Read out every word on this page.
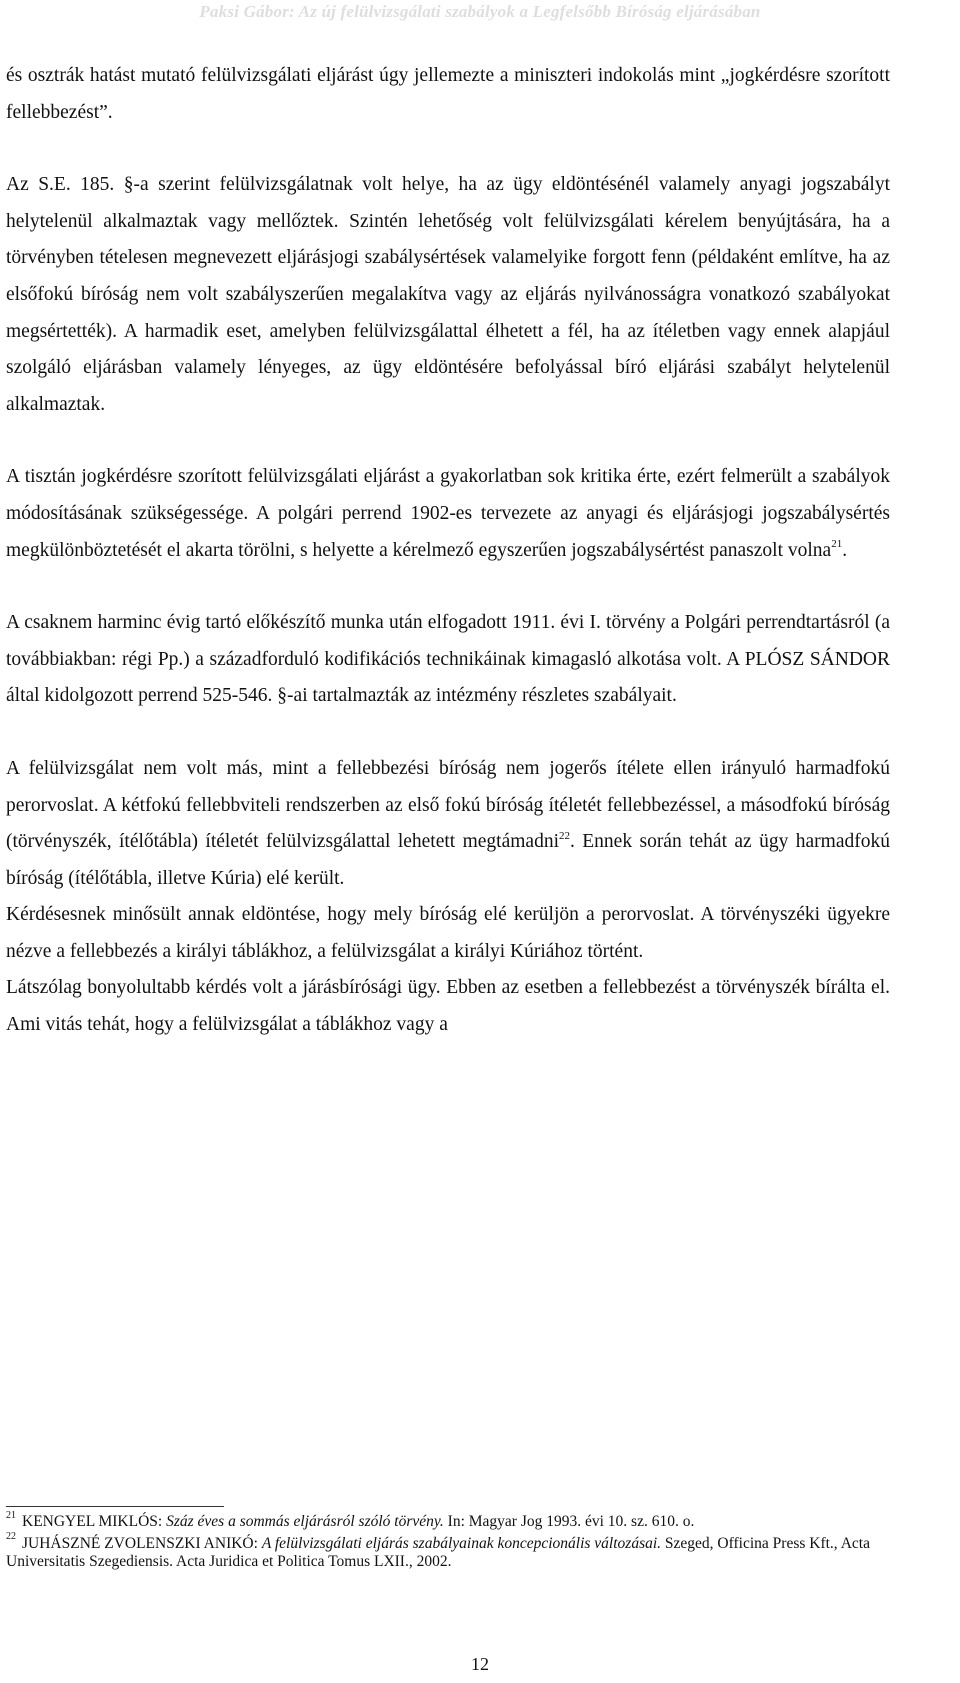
Paksi Gábor: Az új felülvizsgálati szabályok a Legfelsőbb Bíróság eljárásában

és osztrák hatást mutató felülvizsgálati eljárást úgy jellemezte a miniszteri indokolás mint „jogkérdésre szorított fellebbezést”.

Az S.E. 185. §-a szerint felülvizsgálatnak volt helye, ha az ügy eldöntésénél valamely anyagi jogszabályt helytelenül alkalmaztak vagy mellőztek. Szintén lehetőség volt felülvizsgálati kérelem benyújtására, ha a törvényben tételesen megnevezett eljárásjogi szabálysértések valamelyike forgott fenn (példaként említve, ha az elsőfokú bíróság nem volt szabályszerűen megalakítva vagy az eljárás nyilvánosságra vonatkozó szabályokat megsértették). A harmadik eset, amelyben felülvizsgálattal élhetett a fél, ha az ítéletben vagy ennek alapjául szolgáló eljárásban valamely lényeges, az ügy eldöntésére befolyással bíró eljárási szabályt helytelenül alkalmaztak.

A tisztán jogkérdésre szorított felülvizsgálati eljárást a gyakorlatban sok kritika érte, ezért felmerült a szabályok módosításának szükségessége. A polgári perrend 1902-es tervezete az anyagi és eljárásjogi jogszabálysértés megkülönböztetését el akarta törölni, s helyette a kérelmező egyszerűen jogszabálysértést panaszolt volna$^{21}$.

A csaknem harminc évig tartó előkészítő munka után elfogadott 1911. évi I. törvény a Polgári perrendtartásról (a továbbiakban: régi Pp.) a századforduló kodifikációs technikáinak kimagasló alkotása volt. A PLÓSZ SÁNDOR által kidolgozott perrend 525-546. §-ai tartalmazták az intézmény részletes szabályait.

A felülvizsgálat nem volt más, mint a fellebbezési bíróság nem jogerős ítélete ellen irányuló harmadfokú perorvoslat. A kétfokú fellebbviteli rendszerben az első fokú bíróság ítéletét fellebbezéssel, a másodfokú bíróság (törvényszék, ítélőtábla) ítéletét felülvizsgálattal lehetett megtámadni$^{22}$. Ennek során tehát az ügy harmadfokú bíróság (ítélőtábla, illetve Kúria) elé került.

Kérdésesnek minősült annak eldöntése, hogy mely bíróság elé kerüljön a perorvoslat. A törvényszéki ügyekre nézve a fellebbezés a királyi táblákhoz, a felülvizsgálat a királyi Kúriához történt.

Látszólag bonyolultabb kérdés volt a járásbírósági ügy. Ebben az esetben a fellebbezést a törvényszék bírálta el. Ami vitás tehát, hogy a felülvizsgálat a táblákhoz vagy a

$^{21}$ KENGYEL MIKLÓS: Száz éves a sommás eljárásról szóló törvény. In: Magyar Jog 1993. évi 10. sz. 610. o.

$^{22}$ JUHÁSZNÉ ZVOLENSZKI ANIKÓ: A felülvizsgálati eljárás szabályainak koncepcionális változásai. Szeged, Officina Press Kft., Acta Universitatis Szegediensis. Acta Juridica et Politica Tomus LXII., 2002.

12
